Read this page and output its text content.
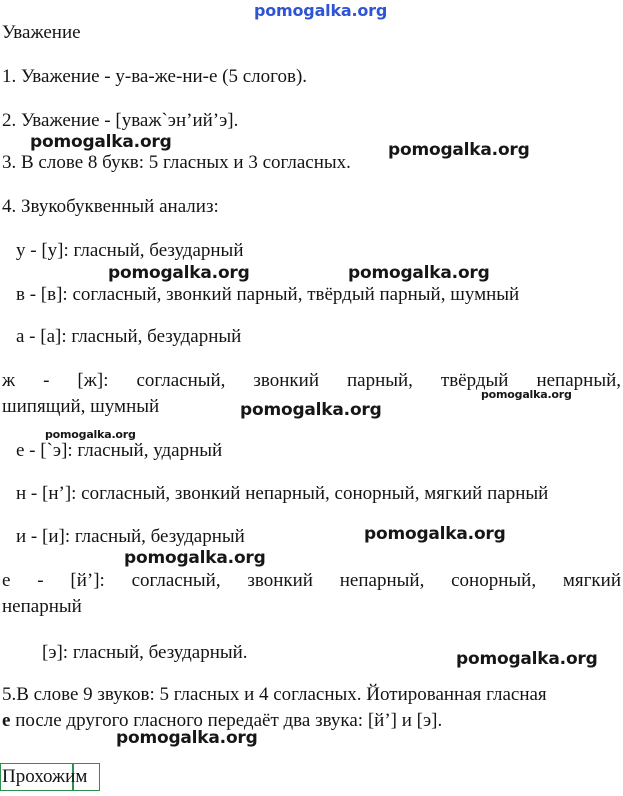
pomogalka.org
Уважение
1. Уважение - у-ва-же-ни-е (5 слогов).
2. Уважение - [уваж`эн’ий’э].
pomogalka.org
3. В слове 8 букв: 5 гласных и 3 согласных.
pomogalka.org
4. Звукобуквенный анализ:
у - [у]: гласный, безударный
pomogalka.org	pomogalka.org
в - [в]: согласный, звонкий парный, твёрдый парный, шумный
а - [а]: гласный, безударный
ж - [ж]: согласный, звонкий парный, твёрдый непарный,
шипящий, шумный
pomogalka.org
pomogalka.org
pomogalka.org
е - [`э]: гласный, ударный
н - [н’]: согласный, звонкий непарный, сонорный, мягкий парный
pomogalka.org
и - [и]: гласный, безударный
pomogalka.org
е - [й’]: согласный, звонкий непарный, сонорный, мягкий
непарный
[э]: гласный, безударный.	pomogalka.org
5.В слове 9 звуков: 5 гласных и 4 согласных. Йотированная гласная
е после другого гласного передаёт два звука: [й’] и [э].
pomogalka.org
Прохожим
